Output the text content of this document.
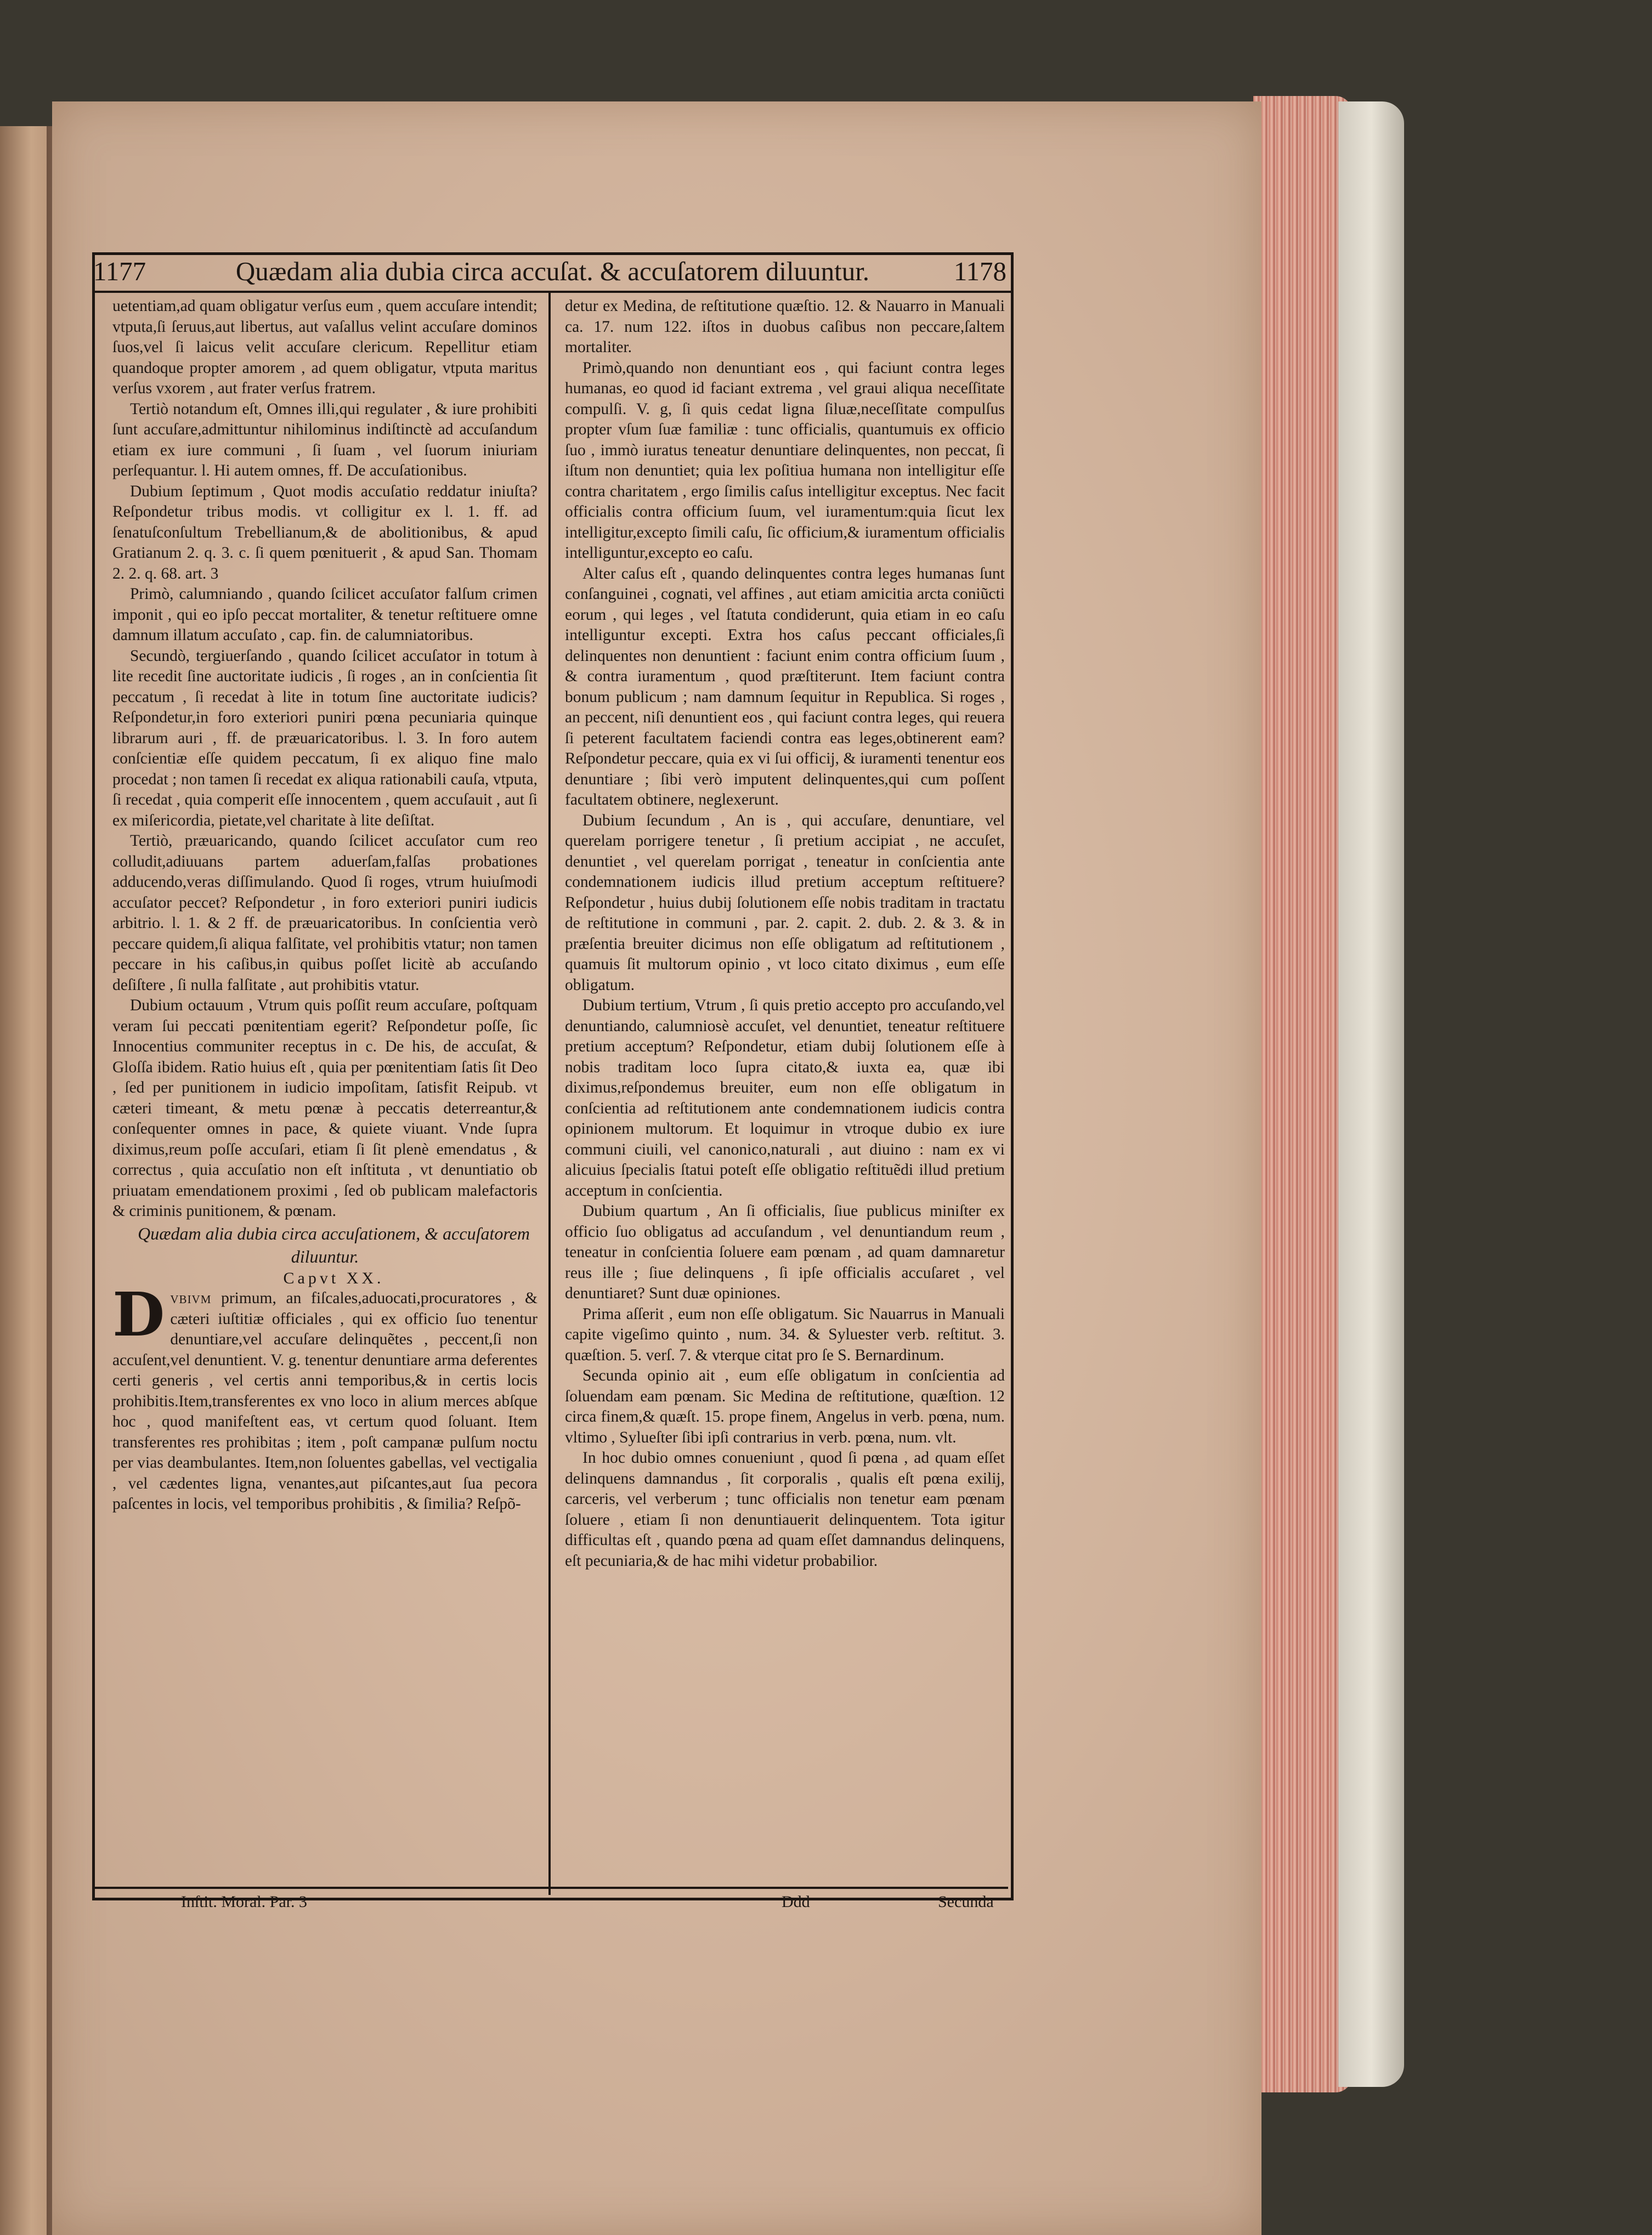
1177	Quædam alia dubia circa accuſat. & accuſatorem diluuntur.	1178

uetentiam,ad quam obligatur verſus eum , quem accuſare intendit; vtputa,ſi ſeruus,aut libertus, aut vaſallus velint accuſare dominos ſuos,vel ſi laicus velit accuſare clericum. Repellitur etiam quandoque propter amorem , ad quem obligatur, vtputa maritus verſus vxorem , aut frater verſus fratrem.

Tertiò notandum eſt, Omnes illi,qui regulater , & iure prohibiti ſunt accuſare,admittuntur nihilominus indiſtinctè ad accuſandum etiam ex iure communi , ſi ſuam , vel ſuorum iniuriam perſequantur. l. Hi autem omnes, ff. De accuſationibus.

Dubium ſeptimum , Quot modis accuſatio reddatur iniuſta? Reſpondetur tribus modis. vt colligitur ex l. 1. ff. ad ſenatuſconſultum Trebellianum,& de abolitionibus, & apud Gratianum 2. q. 3. c. ſi quem pœnituerit , & apud San. Thomam 2. 2. q. 68. art. 3

Primò, calumniando , quando ſcilicet accuſator falſum crimen imponit , qui eo ipſo peccat mortaliter, & tenetur reſtituere omne damnum illatum accuſato , cap. fin. de calumniatoribus.

Secundò, tergiuerſando , quando ſcilicet accuſator in totum à lite recedit ſine auctoritate iudicis , ſi roges , an in conſcientia ſit peccatum , ſi recedat à lite in totum ſine auctoritate iudicis? Reſpondetur,in foro exteriori puniri pœna pecuniaria quinque librarum auri , ff. de præuaricatoribus. l. 3. In foro autem conſcientiæ eſſe quidem peccatum, ſi ex aliquo fine malo procedat ; non tamen ſi recedat ex aliqua rationabili cauſa, vtputa, ſi recedat , quia comperit eſſe innocentem , quem accuſauit , aut ſi ex miſericordia, pietate,vel charitate à lite deſiſtat.

Tertiò, præuaricando, quando ſcilicet accuſator cum reo colludit,adiuuans partem aduerſam,falſas probationes adducendo,veras diſſimulando. Quod ſi roges, vtrum huiuſmodi accuſator peccet? Reſpondetur , in foro exteriori puniri iudicis arbitrio. l. 1. & 2 ff. de præuaricatoribus. In conſcientia verò peccare quidem,ſi aliqua falſitate, vel prohibitis vtatur; non tamen peccare in his caſibus,in quibus poſſet licitè ab accuſando deſiſtere , ſi nulla falſitate , aut prohibitis vtatur.

Dubium octauum , Vtrum quis poſſit reum accuſare, poſtquam veram ſui peccati pœnitentiam egerit? Reſpondetur poſſe, ſic Innocentius communiter receptus in c. De his, de accuſat, & Gloſſa ibidem. Ratio huius eſt , quia per pœnitentiam ſatis ſit Deo , ſed per punitionem in iudicio impoſitam, ſatisfit Reipub. vt cæteri timeant, & metu pœnæ à peccatis deterreantur,& conſequenter omnes in pace, & quiete viuant. Vnde ſupra diximus,reum poſſe accuſari, etiam ſi ſit plenè emendatus , & correctus , quia accuſatio non eſt inſtituta , vt denuntiatio ob priuatam emendationem proximi , ſed ob publicam malefactoris & criminis punitionem, & pœnam.

Quædam alia dubia circa accuſationem, & accuſatorem diluuntur.

Capvt XX.

Dvbivm primum, an fiſcales,aduocati,procuratores , & cæteri iuſtitiæ officiales , qui ex officio ſuo tenentur denuntiare,vel accuſare delinquẽtes , peccent,ſi non accuſent,vel denuntient. V. g. tenentur denuntiare arma deferentes certi generis , vel certis anni temporibus,& in certis locis prohibitis.Item,transferentes ex vno loco in alium merces abſque hoc , quod manifeſtent eas, vt certum quod ſoluant. Item transferentes res prohibitas ; item , poſt campanæ pulſum noctu per vias deambulantes. Item,non ſoluentes gabellas, vel vectigalia , vel cædentes ligna, venantes,aut piſcantes,aut ſua pecora paſcentes in locis, vel temporibus prohibitis , & ſimilia? Reſpõ-

detur ex Medina, de reſtitutione quæſtio. 12. & Nauarro in Manuali ca. 17. num 122. iſtos in duobus caſibus non peccare,ſaltem mortaliter.

Primò,quando non denuntiant eos , qui faciunt contra leges humanas, eo quod id faciant extrema , vel graui aliqua neceſſitate compulſi. V. g, ſi quis cedat ligna ſiluæ,neceſſitate compulſus propter vſum ſuæ familiæ : tunc officialis, quantumuis ex officio ſuo , immò iuratus teneatur denuntiare delinquentes, non peccat, ſi iſtum non denuntiet; quia lex poſitiua humana non intelligitur eſſe contra charitatem , ergo ſimilis caſus intelligitur exceptus. Nec facit officialis contra officium ſuum, vel iuramentum:quia ſicut lex intelligitur,excepto ſimili caſu, ſic officium,& iuramentum officialis intelliguntur,excepto eo caſu.

Alter caſus eſt , quando delinquentes contra leges humanas ſunt conſanguinei , cognati, vel affines , aut etiam amicitia arcta coniũcti eorum , qui leges , vel ſtatuta condiderunt, quia etiam in eo caſu intelliguntur excepti. Extra hos caſus peccant officiales,ſi delinquentes non denuntient : faciunt enim contra officium ſuum , & contra iuramentum , quod præſtiterunt. Item faciunt contra bonum publicum ; nam damnum ſequitur in Republica. Si roges , an peccent, niſi denuntient eos , qui faciunt contra leges, qui reuera ſi peterent facultatem faciendi contra eas leges,obtinerent eam? Reſpondetur peccare, quia ex vi ſui officij, & iuramenti tenentur eos denuntiare ; ſibi verò imputent delinquentes,qui cum poſſent facultatem obtinere, neglexerunt.

Dubium ſecundum , An is , qui accuſare, denuntiare, vel querelam porrigere tenetur , ſi pretium accipiat , ne accuſet, denuntiet , vel querelam porrigat , teneatur in conſcientia ante condemnationem iudicis illud pretium acceptum reſtituere? Reſpondetur , huius dubij ſolutionem eſſe nobis traditam in tractatu de reſtitutione in communi , par. 2. capit. 2. dub. 2. & 3. & in præſentia breuiter dicimus non eſſe obligatum ad reſtitutionem , quamuis ſit multorum opinio , vt loco citato diximus , eum eſſe obligatum.

Dubium tertium, Vtrum , ſi quis pretio accepto pro accuſando,vel denuntiando, calumniosè accuſet, vel denuntiet, teneatur reſtituere pretium acceptum? Reſpondetur, etiam dubij ſolutionem eſſe à nobis traditam loco ſupra citato,& iuxta ea, quæ ibi diximus,reſpondemus breuiter, eum non eſſe obligatum in conſcientia ad reſtitutionem ante condemnationem iudicis contra opinionem multorum. Et loquimur in vtroque dubio ex iure communi ciuili, vel canonico,naturali , aut diuino : nam ex vi alicuius ſpecialis ſtatui poteſt eſſe obligatio reſtituẽdi illud pretium acceptum in conſcientia.

Dubium quartum , An ſi officialis, ſiue publicus miniſter ex officio ſuo obligatus ad accuſandum , vel denuntiandum reum , teneatur in conſcientia ſoluere eam pœnam , ad quam damnaretur reus ille ; ſiue delinquens , ſi ipſe officialis accuſaret , vel denuntiaret? Sunt duæ opiniones.

Prima aſſerit , eum non eſſe obligatum. Sic Nauarrus in Manuali capite vigeſimo quinto , num. 34. & Syluester verb. reſtitut. 3. quæſtion. 5. verſ. 7. & vterque citat pro ſe S. Bernardinum.

Secunda opinio ait , eum eſſe obligatum in conſcientia ad ſoluendam eam pœnam. Sic Medina de reſtitutione, quæſtion. 12 circa finem,& quæſt. 15. prope finem, Angelus in verb. pœna, num. vltimo , Sylueſter ſibi ipſi contrarius in verb. pœna, num. vlt.

In hoc dubio omnes conueniunt , quod ſi pœna , ad quam eſſet delinquens damnandus , ſit corporalis , qualis eſt pœna exilij, carceris, vel verberum ; tunc officialis non tenetur eam pœnam ſoluere , etiam ſi non denuntiauerit delinquentem. Tota igitur difficultas eſt , quando pœna ad quam eſſet damnandus delinquens, eſt pecuniaria,& de hac mihi videtur probabilior.

Inſtit. Moral. Par. 3	Ddd	Secunda
